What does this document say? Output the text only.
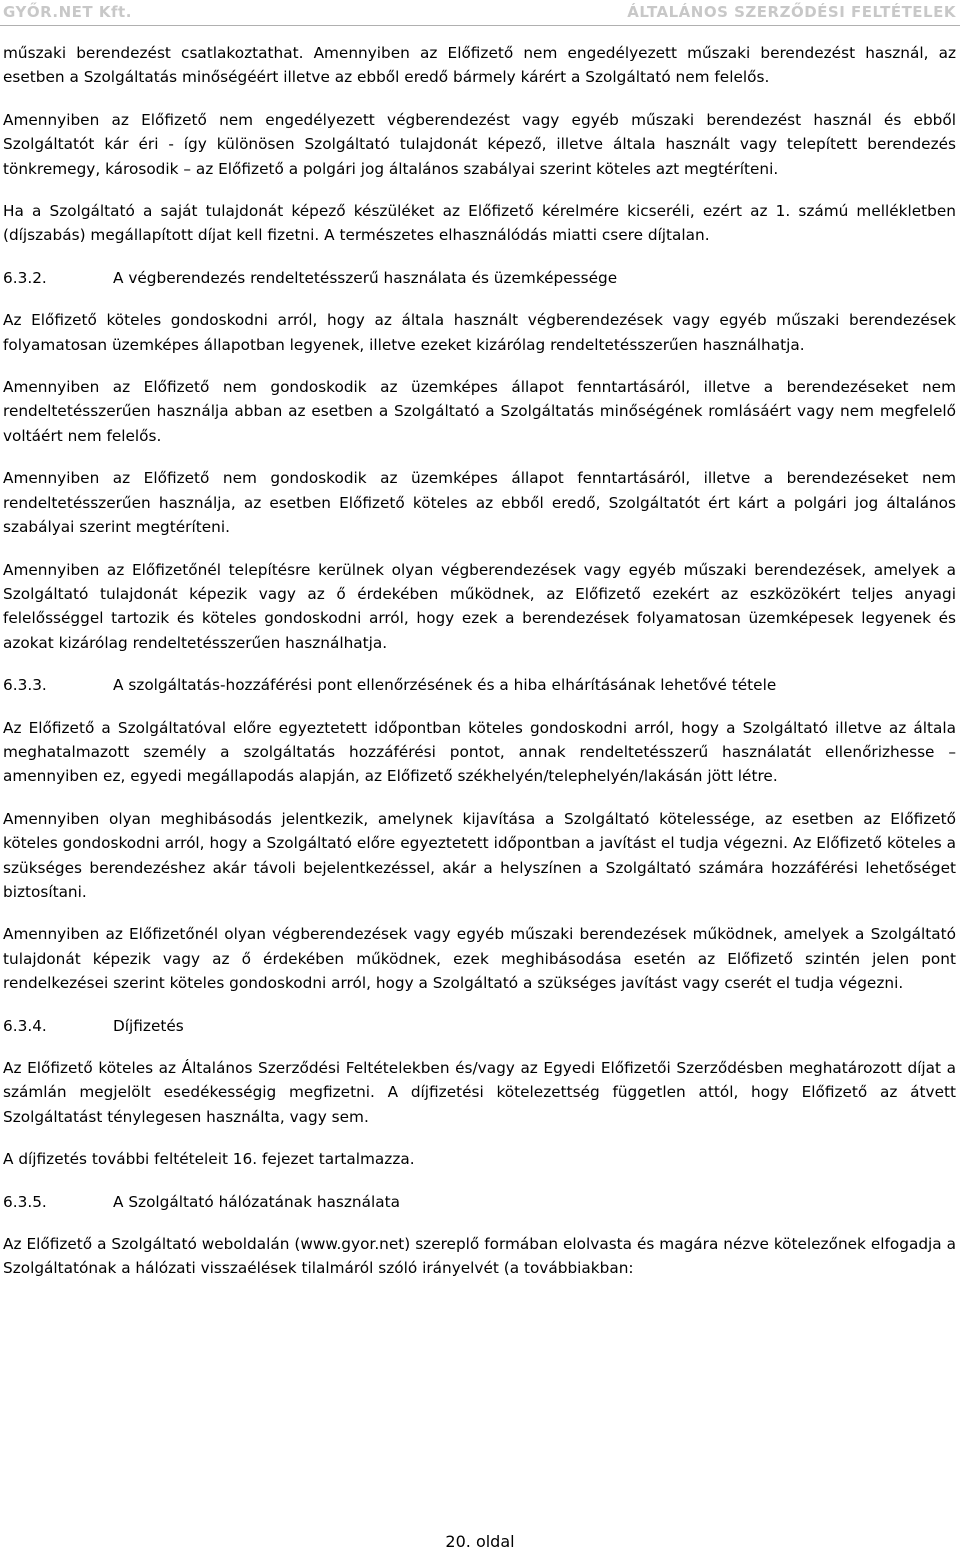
GYŐR.NET Kft.	ÁLTALÁNOS SZERZŐDÉSI FELTÉTELEK

műszaki berendezést csatlakoztathat. Amennyiben az Előfizető nem engedélyezett műszaki berendezést használ, az esetben a Szolgáltatás minőségéért illetve az ebből eredő bármely kárért a Szolgáltató nem felelős.

Amennyiben az Előfizető nem engedélyezett végberendezést vagy egyéb műszaki berendezést használ és ebből Szolgáltatót kár éri - így különösen Szolgáltató tulajdonát képező, illetve általa használt vagy telepített berendezés tönkremegy, károsodik – az Előfizető a polgári jog általános szabályai szerint köteles azt megtéríteni.

Ha a Szolgáltató a saját tulajdonát képező készüléket az Előfizető kérelmére kicseréli, ezért az 1. számú mellékletben (díjszabás) megállapított díjat kell fizetni. A természetes elhasználódás miatti csere díjtalan.

6.3.2.	A végberendezés rendeltetésszerű használata és üzemképessége

Az Előfizető köteles gondoskodni arról, hogy az általa használt végberendezések vagy egyéb műszaki berendezések folyamatosan üzemképes állapotban legyenek, illetve ezeket kizárólag rendeltetésszerűen használhatja.

Amennyiben az Előfizető nem gondoskodik az üzemképes állapot fenntartásáról, illetve a berendezéseket nem rendeltetésszerűen használja abban az esetben a Szolgáltató a Szolgáltatás minőségének romlásáért vagy nem megfelelő voltáért nem felelős.

Amennyiben az Előfizető nem gondoskodik az üzemképes állapot fenntartásáról, illetve a berendezéseket nem rendeltetésszerűen használja, az esetben Előfizető köteles az ebből eredő, Szolgáltatót ért kárt a polgári jog általános szabályai szerint megtéríteni.

Amennyiben az Előfizetőnél telepítésre kerülnek olyan végberendezések vagy egyéb műszaki berendezések, amelyek a Szolgáltató tulajdonát képezik vagy az ő érdekében működnek, az Előfizető ezekért az eszközökért teljes anyagi felelősséggel tartozik és köteles gondoskodni arról, hogy ezek a berendezések folyamatosan üzemképesek legyenek és azokat kizárólag rendeltetésszerűen használhatja.

6.3.3.	A szolgáltatás-hozzáférési pont ellenőrzésének és a hiba elhárításának lehetővé tétele

Az Előfizető a Szolgáltatóval előre egyeztetett időpontban köteles gondoskodni arról, hogy a Szolgáltató illetve az általa meghatalmazott személy a szolgáltatás hozzáférési pontot, annak rendeltetésszerű használatát ellenőrizhesse – amennyiben ez, egyedi megállapodás alapján, az Előfizető székhelyén/telephelyén/lakásán jött létre.

Amennyiben olyan meghibásodás jelentkezik, amelynek kijavítása a Szolgáltató kötelessége, az esetben az Előfizető köteles gondoskodni arról, hogy a Szolgáltató előre egyeztetett időpontban a javítást el tudja végezni. Az Előfizető köteles a szükséges berendezéshez akár távoli bejelentkezéssel, akár a helyszínen a Szolgáltató számára hozzáférési lehetőséget biztosítani.

Amennyiben az Előfizetőnél olyan végberendezések vagy egyéb műszaki berendezések működnek, amelyek a Szolgáltató tulajdonát képezik vagy az ő érdekében működnek, ezek meghibásodása esetén az Előfizető szintén jelen pont rendelkezései szerint köteles gondoskodni arról, hogy a Szolgáltató a szükséges javítást vagy cserét el tudja végezni.

6.3.4.	Díjfizetés

Az Előfizető köteles az Általános Szerződési Feltételekben és/vagy az Egyedi Előfizetői Szerződésben meghatározott díjat a számlán megjelölt esedékességig megfizetni. A díjfizetési kötelezettség független attól, hogy Előfizető az átvett Szolgáltatást ténylegesen használta, vagy sem.

A díjfizetés további feltételeit 16. fejezet tartalmazza.

6.3.5.	A Szolgáltató hálózatának használata

Az Előfizető a Szolgáltató weboldalán (www.gyor.net) szereplő formában elolvasta és magára nézve kötelezőnek elfogadja a Szolgáltatónak a hálózati visszaélések tilalmáról szóló irányelvét (a továbbiakban:

20. oldal
